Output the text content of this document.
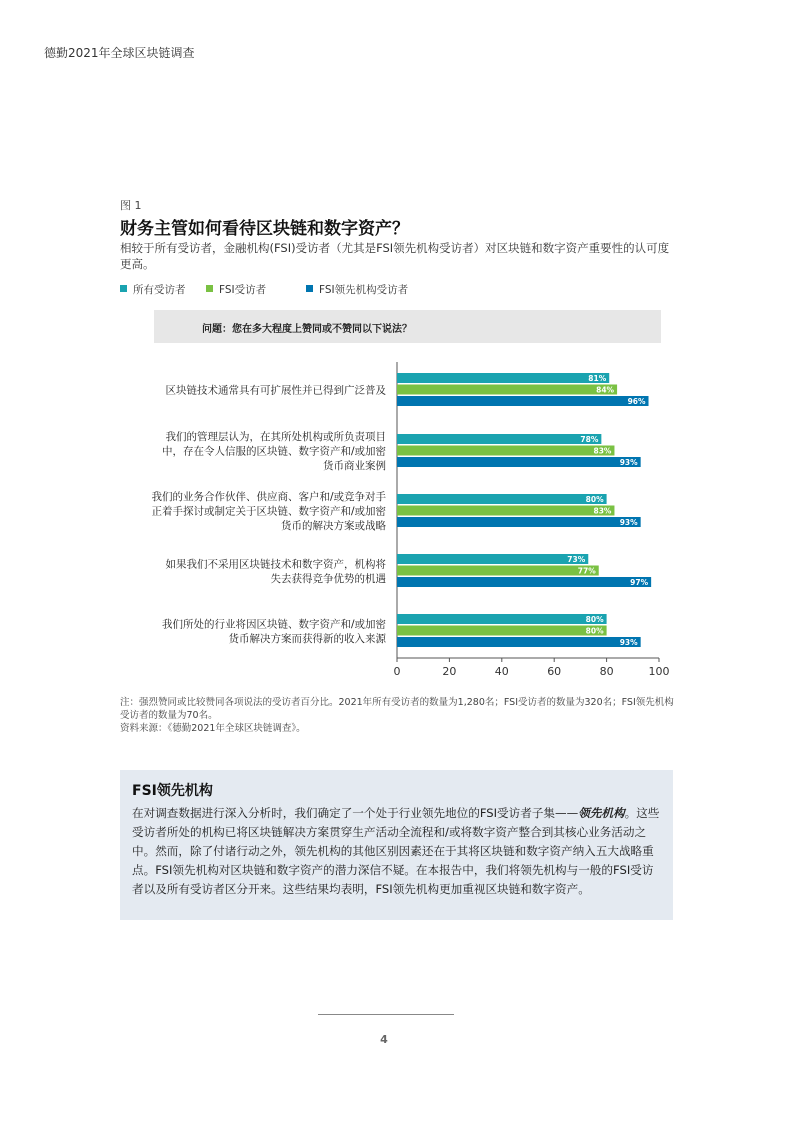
德勤2021年全球区块链调查
图 1
财务主管如何看待区块链和数字资产？
相较于所有受访者，金融机构(FSI)受访者（尤其是FSI领先机构受访者）对区块链和数字资产重要性的认可度更高。
所有受访者	FSI受访者	FSI领先机构受访者
问题：您在多大程度上赞同或不赞同以下说法？
0	20	40	60	80	100
81%
84%
96%
区块链技术通常具有可扩展性并已得到广泛普及
78%
83%
93%
我们的管理层认为，在其所处机构或所负责项目
中，存在令人信服的区块链、数字资产和/或加密
货币商业案例
80%
83%
93%
我们的业务合作伙伴、供应商、客户和/或竞争对手
正着手探讨或制定关于区块链、数字资产和/或加密
货币的解决方案或战略
73%
77%
97%
如果我们不采用区块链技术和数字资产，机构将
失去获得竞争优势的机遇
80%
80%
93%
我们所处的行业将因区块链、数字资产和/或加密
货币解决方案而获得新的收入来源
注：强烈赞同或比较赞同各项说法的受访者百分比。2021年所有受访者的数量为1,280名；FSI受访者的数量为320名；FSI领先机构受访者的数量为70名。
资料来源：《德勤2021年全球区块链调查》。
FSI领先机构

在对调查数据进行深入分析时，我们确定了一个处于行业领先地位的FSI受访者子集——领先机构。这些受访者所处的机构已将区块链解决方案贯穿生产活动全流程和/或将数字资产整合到其核心业务活动之中。然而，除了付诸行动之外，领先机构的其他区别因素还在于其将区块链和数字资产纳入五大战略重点。FSI领先机构对区块链和数字资产的潜力深信不疑。在本报告中，我们将领先机构与一般的FSI受访者以及所有受访者区分开来。这些结果均表明，FSI领先机构更加重视区块链和数字资产。

4
